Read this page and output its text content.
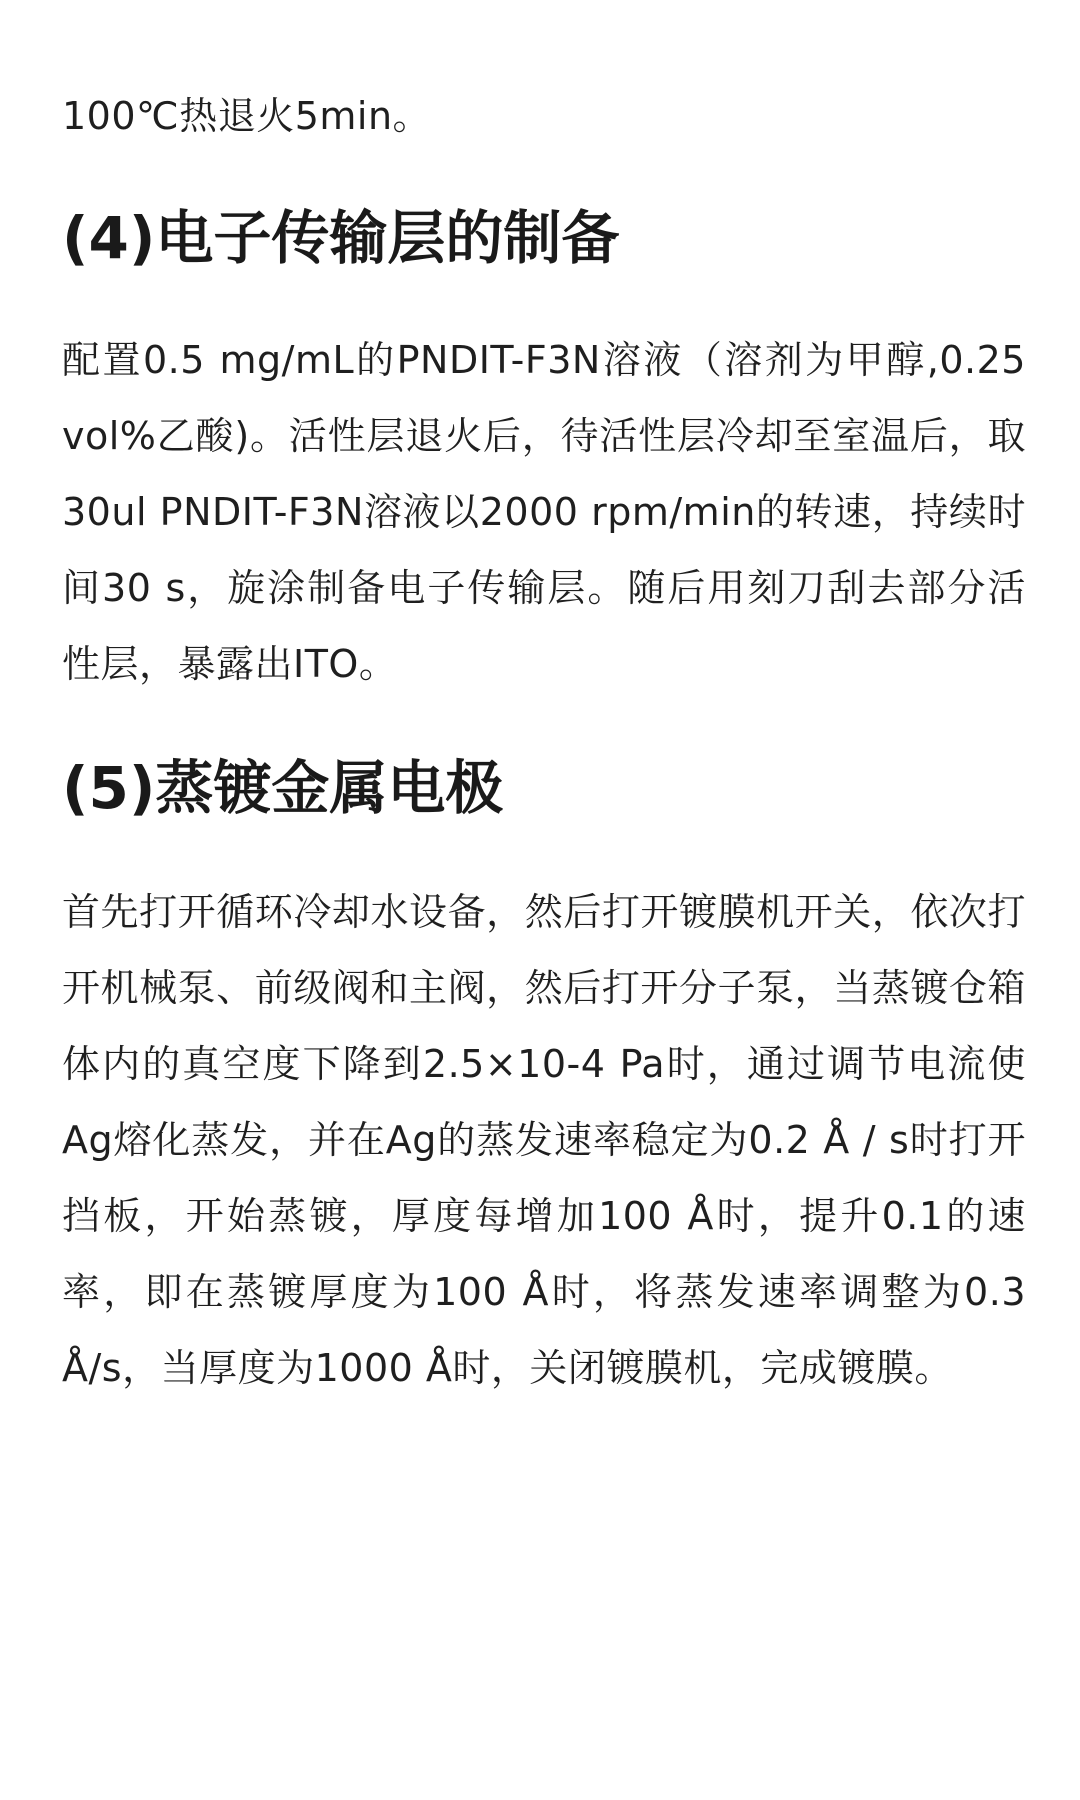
100℃热退火5min。

(4)电子传输层的制备

配置0.5 mg/mL的PNDIT-F3N溶液（溶剂为甲醇,0.25 vol%乙酸)。活性层退火后，待活性层冷却至室温后，取30ul PNDIT-F3N溶液以2000 rpm/min的转速，持续时间30 s，旋涂制备电子传输层。随后用刻刀刮去部分活性层，暴露出ITO。

(5)蒸镀金属电极

首先打开循环冷却水设备，然后打开镀膜机开关，依次打开机械泵、前级阀和主阀，然后打开分子泵，当蒸镀仓箱体内的真空度下降到2.5×10-4 Pa时，通过调节电流使Ag熔化蒸发，并在Ag的蒸发速率稳定为0.2 Å / s时打开挡板，开始蒸镀，厚度每增加100 Å时，提升0.1的速率，即在蒸镀厚度为100 Å时，将蒸发速率调整为0.3 Å/s，当厚度为1000 Å时，关闭镀膜机，完成镀膜。
